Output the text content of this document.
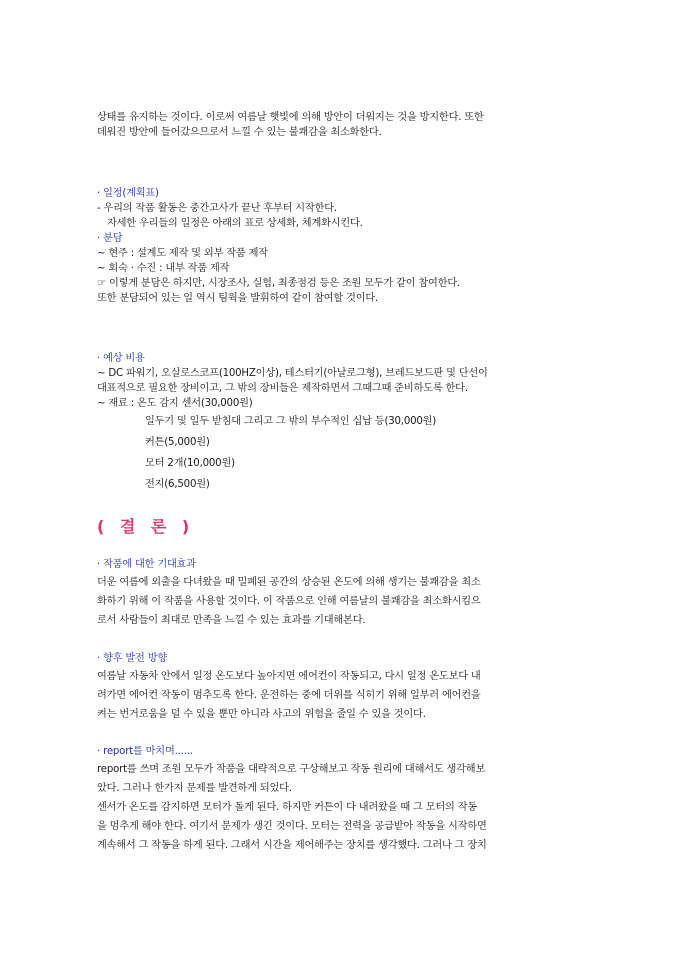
상태를 유지하는 것이다. 이로써 여름날 햇빛에 의해 방안이 더워지는 것을 방지한다. 또한
데워진 방안에 들어갔으므로서 느낄 수 있는 불쾌감을 최소화한다.
· 일정(계획표)
- 우리의 작품 활동은 중간고사가 끝난 후부터 시작한다.
자세한 우리들의 일정은 아래의 표로 상세화, 체계화시킨다.
· 분담
~ 현주 : 설계도 제작 및 외부 작품 제작
~ 회숙 · 수진 : 내부 작품 제작
☞ 이렇게 분담은 하지만, 시장조사, 실험, 최종점검 등은 조원 모두가 같이 참여한다.
또한 분담되어 있는 일 역시 팀웍을 발휘하여 같이 참여할 것이다.
· 예상 비용
~ DC 파워기, 오실로스코프(100HZ이상), 테스터기(아날로그형), 브레드보드판 및 단선이
대표적으로 필요한 장비이고, 그 밖의 장비들은 제작하면서 그때그때 준비하도록 한다.
~ 재료 : 온도 감지 센서(30,000원)
일두기 및 일두 받침대 그리고 그 밖의 부수적인 십납 등(30,000원)
커튼(5,000원)
모터 2개(10,000원)
전지(6,500원)
( 결 론 )
· 작품에 대한 기대효과
더운 여름에 외출을 다녀왔을 때 밀폐된 공간의 상승된 온도에 의해 생기는 불쾌감을 최소
화하기 위해 이 작품을 사용할 것이다. 이 작품으로 인해 여름날의 불쾌감을 최소화시킴으
로서 사람들이 최대로 만족을 느낄 수 있는 효과를 기대해본다.
· 향후 발전 방향
여름날 자동차 안에서 일정 온도보다 높아지면 에어컨이 작동되고, 다시 일정 온도보다 내
려가면 에어컨 작동이 멈추도록 한다. 운전하는 중에 더위를 식히기 위해 일부러 에어컨을
켜는 번거로움을 덜 수 있을 뿐만 아니라 사고의 위험을 줄일 수 있을 것이다.
· report를 마치며......
report를 쓰며 조원 모두가 작품을 대략적으로 구상해보고 작동 원리에 대해서도 생각해보
았다. 그러나 한가지 문제를 발견하게 되었다.
센서가 온도를 감지하면 모터가 돌게 된다. 하지만 커튼이 다 내려왔을 때 그 모터의 작동
을 멈추게 해야 한다. 여기서 문제가 생긴 것이다. 모터는 전력을 공급받아 작동을 시작하면
계속해서 그 작동을 하게 된다. 그래서 시간을 제어해주는 장치를 생각했다. 그러나 그 장치
